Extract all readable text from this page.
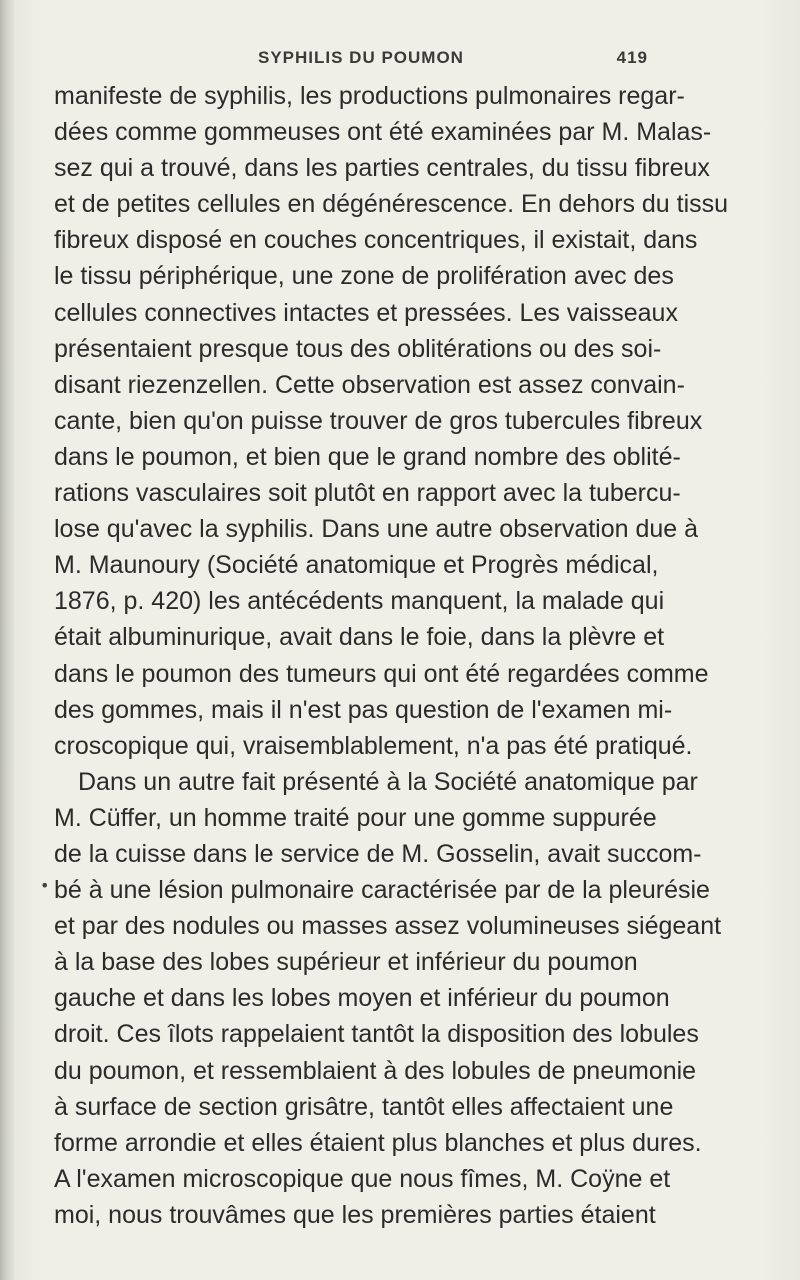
SYPHILIS DU POUMON	419
•
manifeste de syphilis, les productions pulmonaires regar-
dées comme gommeuses ont été examinées par M. Malas-
sez qui a trouvé, dans les parties centrales, du tissu fibreux
et de petites cellules en dégénérescence. En dehors du tissu
fibreux disposé en couches concentriques, il existait, dans
le tissu périphérique, une zone de prolifération avec des
cellules connectives intactes et pressées. Les vaisseaux
présentaient presque tous des oblitérations ou des soi-
disant riezenzellen. Cette observation est assez convain-
cante, bien qu'on puisse trouver de gros tubercules fibreux
dans le poumon, et bien que le grand nombre des oblité-
rations vasculaires soit plutôt en rapport avec la tubercu-
lose qu'avec la syphilis. Dans une autre observation due à
M. Maunoury (Société anatomique et Progrès médical,
1876, p. 420) les antécédents manquent, la malade qui
était albuminurique, avait dans le foie, dans la plèvre et
dans le poumon des tumeurs qui ont été regardées comme
des gommes, mais il n'est pas question de l'examen mi-
croscopique qui, vraisemblablement, n'a pas été pratiqué.
Dans un autre fait présenté à la Société anatomique par
M. Cüffer, un homme traité pour une gomme suppurée
de la cuisse dans le service de M. Gosselin, avait succom-
bé à une lésion pulmonaire caractérisée par de la pleurésie
et par des nodules ou masses assez volumineuses siégeant
à la base des lobes supérieur et inférieur du poumon
gauche et dans les lobes moyen et inférieur du poumon
droit. Ces îlots rappelaient tantôt la disposition des lobules
du poumon, et ressemblaient à des lobules de pneumonie
à surface de section grisâtre, tantôt elles affectaient une
forme arrondie et elles étaient plus blanches et plus dures.
A l'examen microscopique que nous fîmes, M. Coÿne et
moi, nous trouvâmes que les premières parties étaient
